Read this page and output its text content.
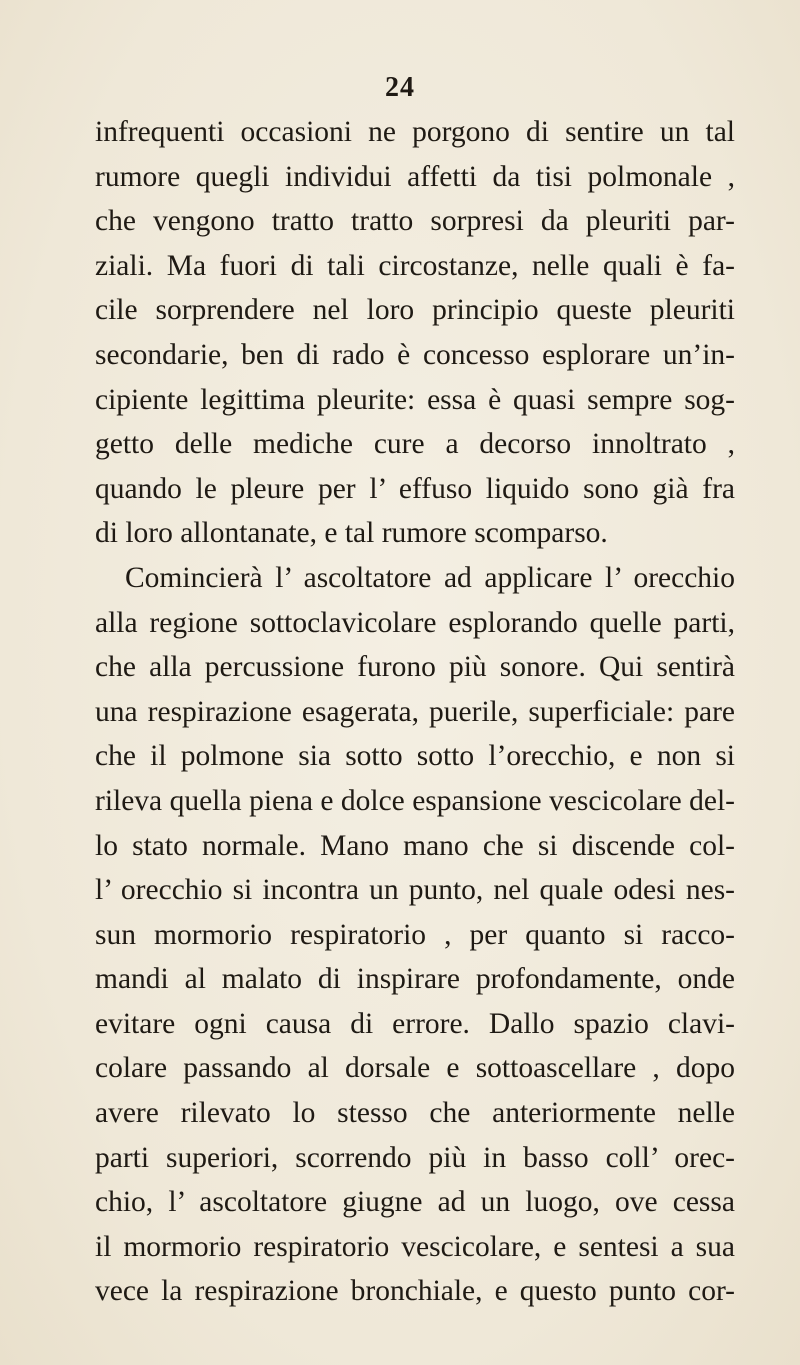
24
infrequenti occasioni ne porgono di sentire un tal
rumore quegli individui affetti da tisi polmonale ,
che vengono tratto tratto sorpresi da pleuriti par-
ziali. Ma fuori di tali circostanze, nelle quali è fa-
cile sorprendere nel loro principio queste pleuriti
secondarie, ben di rado è concesso esplorare un’in-
cipiente legittima pleurite: essa è quasi sempre sog-
getto delle mediche cure a decorso innoltrato ,
quando le pleure per l’ effuso liquido sono già fra
di loro allontanate, e tal rumore scomparso.
Comincierà l’ ascoltatore ad applicare l’ orecchio
alla regione sottoclavicolare esplorando quelle parti,
che alla percussione furono più sonore. Qui sentirà
una respirazione esagerata, puerile, superficiale: pare
che il polmone sia sotto sotto l’orecchio, e non si
rileva quella piena e dolce espansione vescicolare del-
lo stato normale. Mano mano che si discende col-
l’ orecchio si incontra un punto, nel quale odesi nes-
sun mormorio respiratorio , per quanto si racco-
mandi al malato di inspirare profondamente, onde
evitare ogni causa di errore. Dallo spazio clavi-
colare passando al dorsale e sottoascellare , dopo
avere rilevato lo stesso che anteriormente nelle
parti superiori, scorrendo più in basso coll’ orec-
chio, l’ ascoltatore giugne ad un luogo, ove cessa
il mormorio respiratorio vescicolare, e sentesi a sua
vece la respirazione bronchiale, e questo punto cor-
